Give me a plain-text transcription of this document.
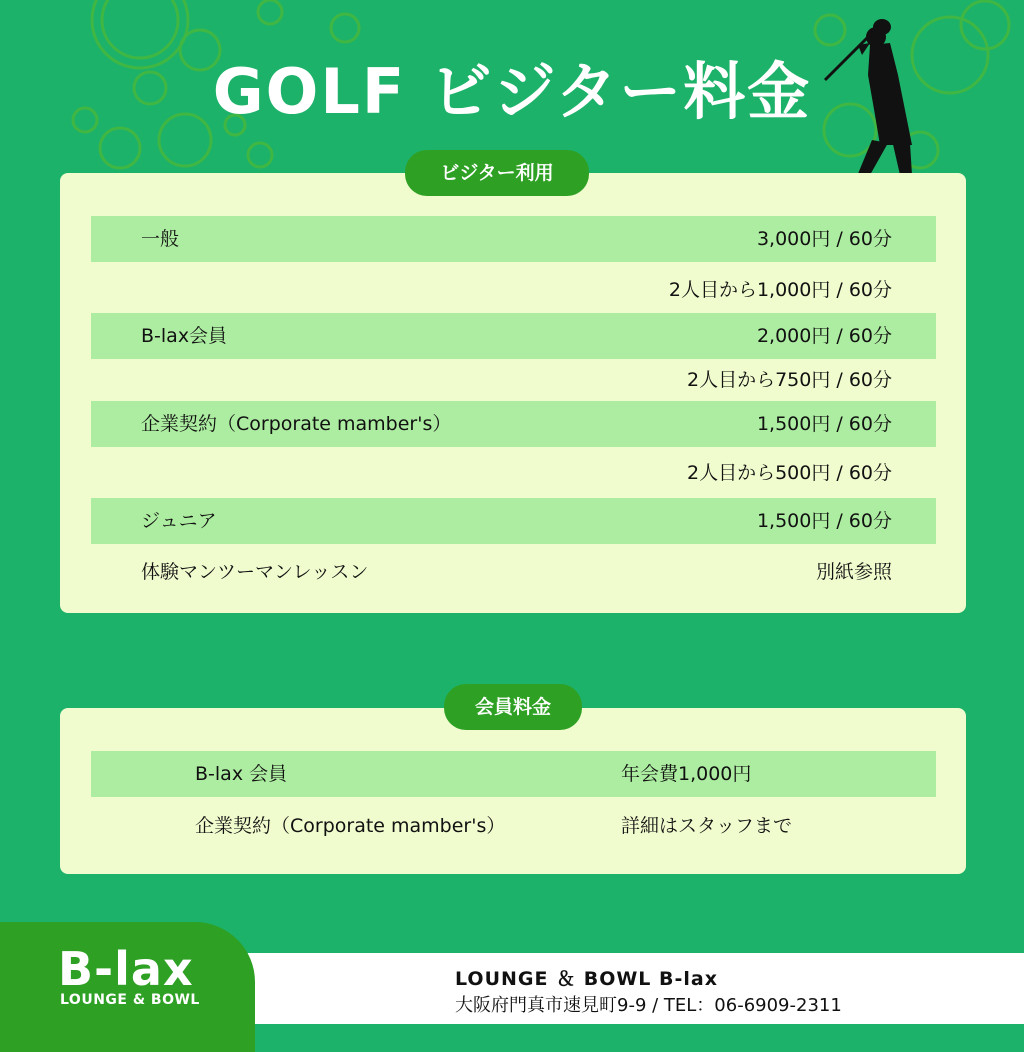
GOLF ビジター料金
ビジター利用
一般	3,000円 / 60分
2人目から1,000円 / 60分
B-lax会員	2,000円 / 60分
2人目から750円 / 60分
企業契約（Corporate mamber's）	1,500円 / 60分
2人目から500円 / 60分
ジュニア	1,500円 / 60分
体験マンツーマンレッスン	別紙参照
会員料金
B-lax 会員	年会費1,000円
企業契約（Corporate mamber's）	詳細はスタッフまで
B-lax
LOUNGE & BOWL
LOUNGE ＆ BOWL B-lax
大阪府門真市速見町9-9 / TEL：06-6909-2311
